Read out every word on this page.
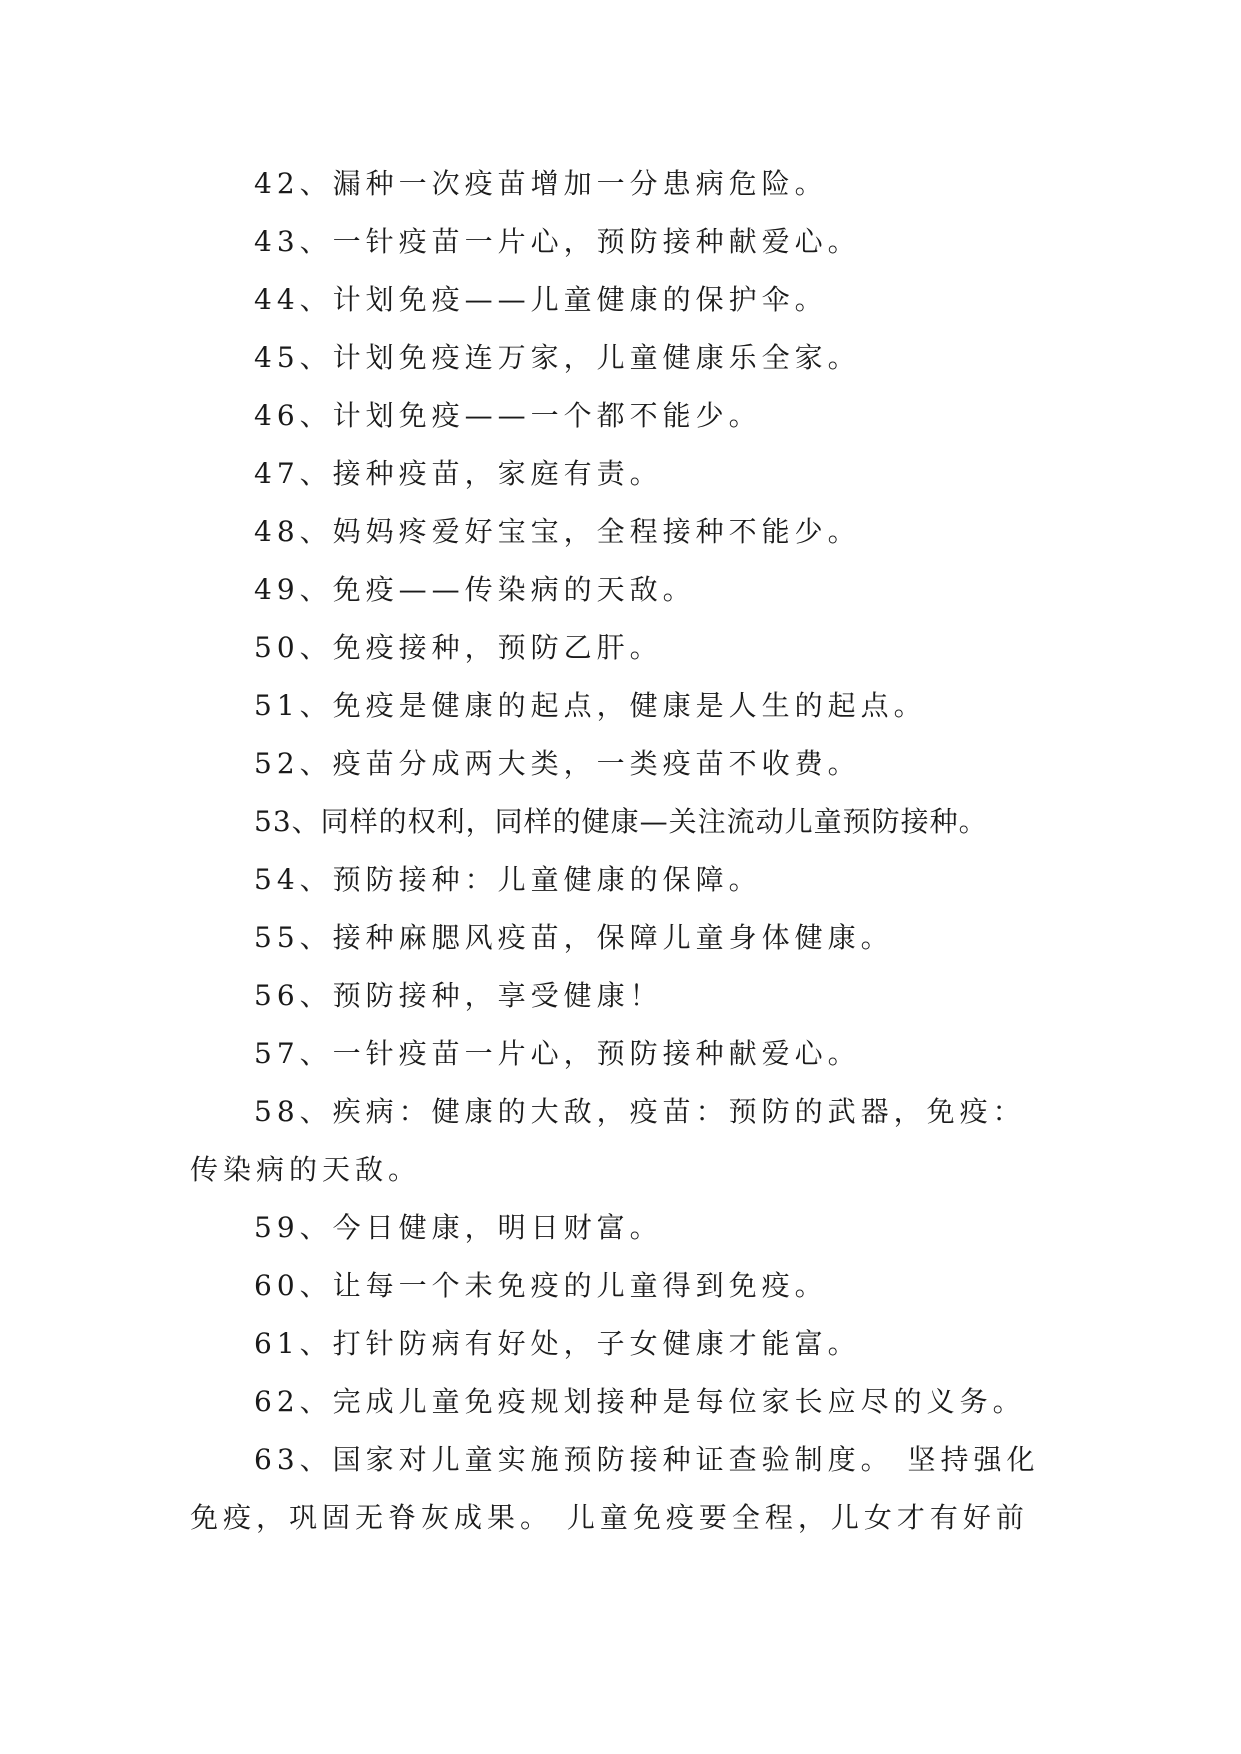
42、漏种一次疫苗增加一分患病危险。

43、一针疫苗一片心，预防接种献爱心。

44、计划免疫——儿童健康的保护伞。

45、计划免疫连万家，儿童健康乐全家。

46、计划免疫——一个都不能少。

47、接种疫苗，家庭有责。

48、妈妈疼爱好宝宝，全程接种不能少。

49、免疫——传染病的天敌。

50、免疫接种，预防乙肝。

51、免疫是健康的起点，健康是人生的起点。

52、疫苗分成两大类，一类疫苗不收费。

53、同样的权利，同样的健康—关注流动儿童预防接种。

54、预防接种：儿童健康的保障。

55、接种麻腮风疫苗，保障儿童身体健康。

56、预防接种，享受健康！

57、一针疫苗一片心，预防接种献爱心。

58、疾病：健康的大敌，疫苗：预防的武器，免疫：传染病的天敌。

59、今日健康，明日财富。

60、让每一个未免疫的儿童得到免疫。

61、打针防病有好处，子女健康才能富。

62、完成儿童免疫规划接种是每位家长应尽的义务。

63、国家对儿童实施预防接种证查验制度。 坚持强化免疫，巩固无脊灰成果。 儿童免疫要全程，儿女才有好前
